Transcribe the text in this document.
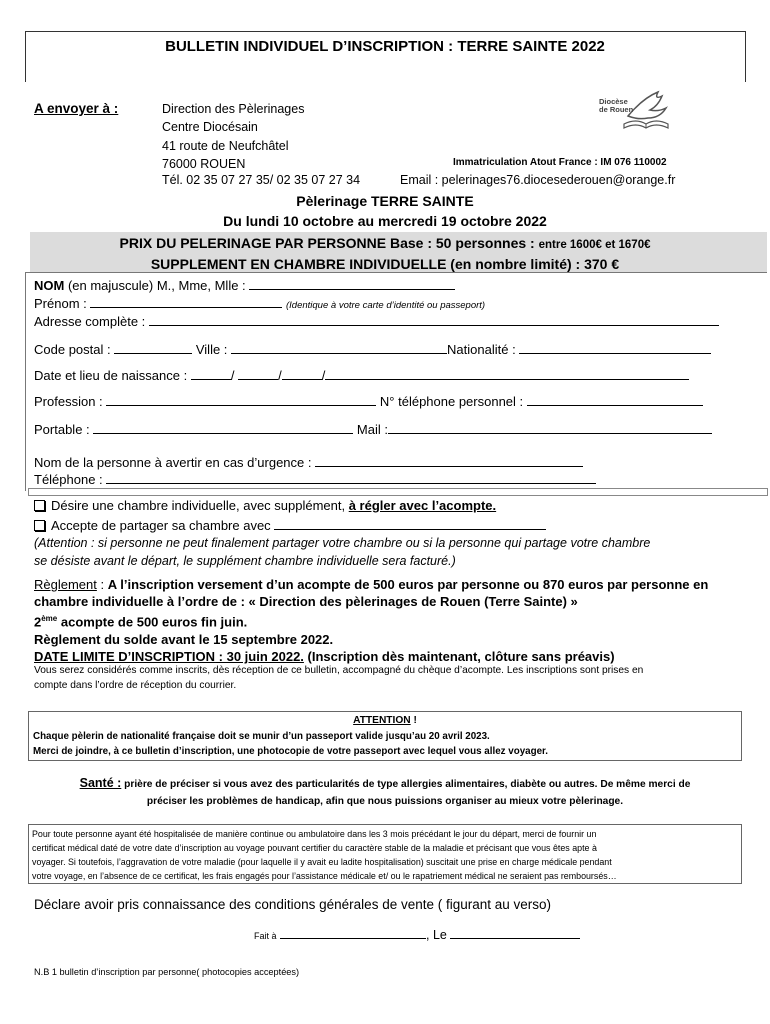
BULLETIN INDIVIDUEL D’INSCRIPTION : TERRE SAINTE 2022
A envoyer à :	Direction des Pèlerinages
Centre Diocésain
41 route de Neufchâtel
76000 ROUEN
Tél. 02 35 07 27 35/ 02 35 07 27 34	Email : pelerinages76.diocesederouen@orange.fr
Immatriculation Atout France : IM 076 110002
Diocèse
de Rouen
Pèlerinage TERRE SAINTE
Du lundi 10 octobre au mercredi 19 octobre 2022
PRIX DU PELERINAGE PAR PERSONNE Base : 50 personnes : entre 1600€ et 1670€
SUPPLEMENT EN CHAMBRE INDIVIDUELLE (en nombre limité) : 370 €
NOM (en majuscule) M., Mme, Mlle :
Prénom :	(Identique à votre carte d’identité ou passeport)
Adresse complète :
Code postal :	Ville :	Nationalité :
Date et lieu de naissance :	/	/	/
Profession :	N° téléphone personnel :
Portable :	Mail :
Nom de la personne à avertir en cas d’urgence :
Téléphone :
Désire une chambre individuelle, avec supplément, à régler avec l’acompte.
Accepte de partager sa chambre avec
(Attention : si personne ne peut finalement partager votre chambre ou si la personne qui partage votre chambre
se désiste avant le départ, le supplément chambre individuelle sera facturé.)
Règlement : A l’inscription versement d’un acompte de 500 euros par personne ou 870 euros par personne en
chambre individuelle à l’ordre de : « Direction des pèlerinages de Rouen (Terre Sainte) »
2ème acompte de 500 euros fin juin.
Règlement du solde avant le 15 septembre 2022.
DATE LIMITE D’INSCRIPTION : 30 juin 2022. (Inscription dès maintenant, clôture sans préavis)
Vous serez considérés comme inscrits, dès réception de ce bulletin, accompagné du chèque d’acompte. Les inscriptions sont prises en
compte dans l’ordre de réception du courrier.
ATTENTION !
Chaque pèlerin de nationalité française doit se munir d’un passeport valide jusqu’au 20 avril 2023.
Merci de joindre, à ce bulletin d’inscription, une photocopie de votre passeport avec lequel vous allez voyager.
Santé : prière de préciser si vous avez des particularités de type allergies alimentaires, diabète ou autres. De même merci de
préciser les problèmes de handicap, afin que nous puissions organiser au mieux votre pèlerinage.
Pour toute personne ayant été hospitalisée de manière continue ou ambulatoire dans les 3 mois précédant le jour du départ, merci de fournir un
certificat médical daté de votre date d’inscription au voyage pouvant certifier du caractère stable de la maladie et précisant que vous êtes apte à
voyager. Si toutefois, l’aggravation de votre maladie (pour laquelle il y avait eu ladite hospitalisation) suscitait une prise en charge médicale pendant
votre voyage, en l’absence de ce certificat, les frais engagés pour l’assistance médicale et/ ou le rapatriement médical ne seraient pas remboursés…
Déclare avoir pris connaissance des conditions générales de vente ( figurant au verso)
Fait à	, Le
N.B 1 bulletin d’inscription par personne( photocopies acceptées)
